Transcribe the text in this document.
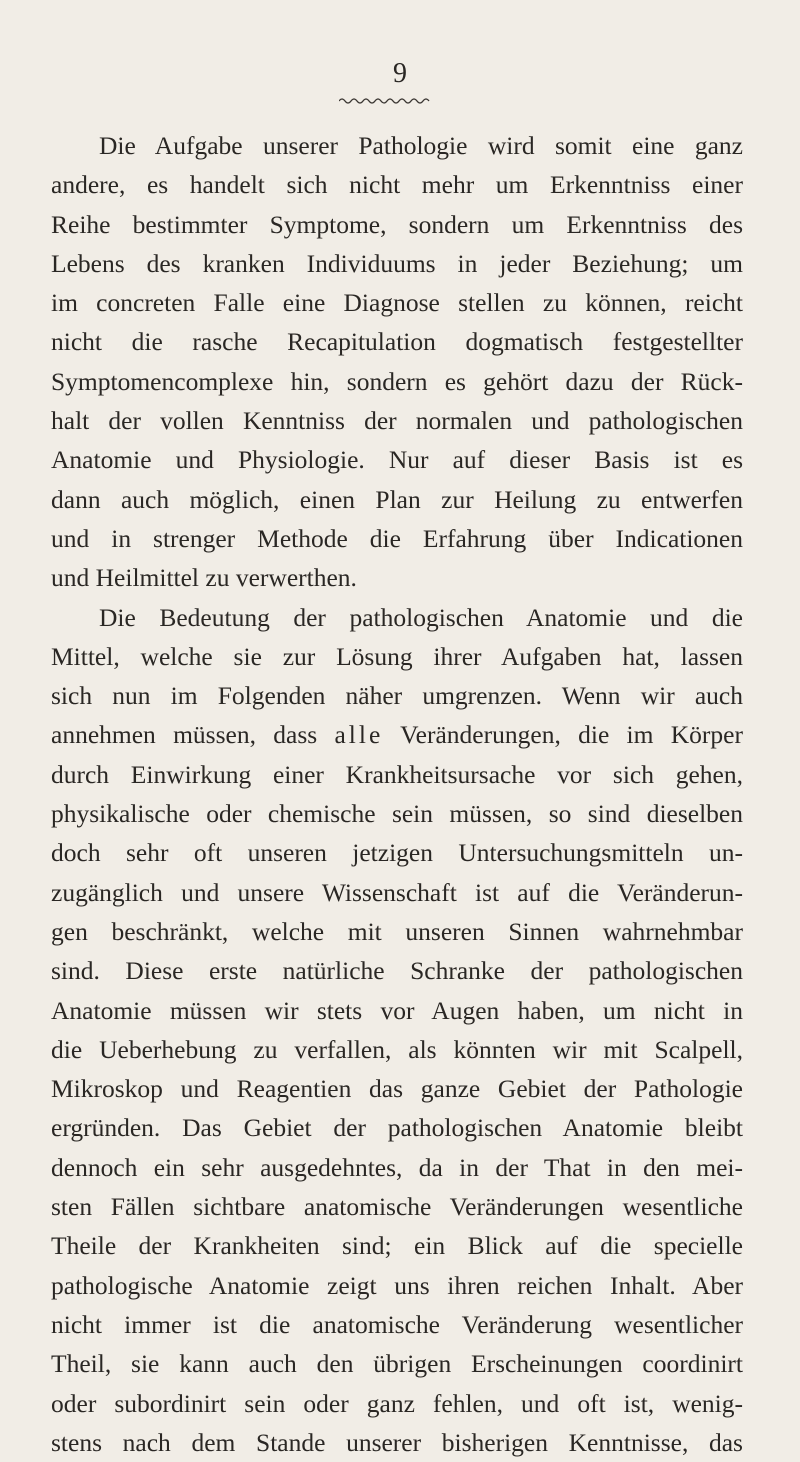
9
Die Aufgabe unserer Pathologie wird somit eine ganz
andere, es handelt sich nicht mehr um Erkenntniss einer
Reihe bestimmter Symptome, sondern um Erkenntniss des
Lebens des kranken Individuums in jeder Beziehung; um
im concreten Falle eine Diagnose stellen zu können, reicht
nicht die rasche Recapitulation dogmatisch festgestellter
Symptomencomplexe hin, sondern es gehört dazu der Rück-
halt der vollen Kenntniss der normalen und pathologischen
Anatomie und Physiologie. Nur auf dieser Basis ist es
dann auch möglich, einen Plan zur Heilung zu entwerfen
und in strenger Methode die Erfahrung über Indicationen
und Heilmittel zu verwerthen.
Die Bedeutung der pathologischen Anatomie und die
Mittel, welche sie zur Lösung ihrer Aufgaben hat, lassen
sich nun im Folgenden näher umgrenzen. Wenn wir auch
annehmen müssen, dass alle Veränderungen, die im Körper
durch Einwirkung einer Krankheitsursache vor sich gehen,
physikalische oder chemische sein müssen, so sind dieselben
doch sehr oft unseren jetzigen Untersuchungsmitteln un-
zugänglich und unsere Wissenschaft ist auf die Veränderun-
gen beschränkt, welche mit unseren Sinnen wahrnehmbar
sind. Diese erste natürliche Schranke der pathologischen
Anatomie müssen wir stets vor Augen haben, um nicht in
die Ueberhebung zu verfallen, als könnten wir mit Scalpell,
Mikroskop und Reagentien das ganze Gebiet der Pathologie
ergründen. Das Gebiet der pathologischen Anatomie bleibt
dennoch ein sehr ausgedehntes, da in der That in den mei-
sten Fällen sichtbare anatomische Veränderungen wesentliche
Theile der Krankheiten sind; ein Blick auf die specielle
pathologische Anatomie zeigt uns ihren reichen Inhalt. Aber
nicht immer ist die anatomische Veränderung wesentlicher
Theil, sie kann auch den übrigen Erscheinungen coordinirt
oder subordinirt sein oder ganz fehlen, und oft ist, wenig-
stens nach dem Stande unserer bisherigen Kenntnisse, das
